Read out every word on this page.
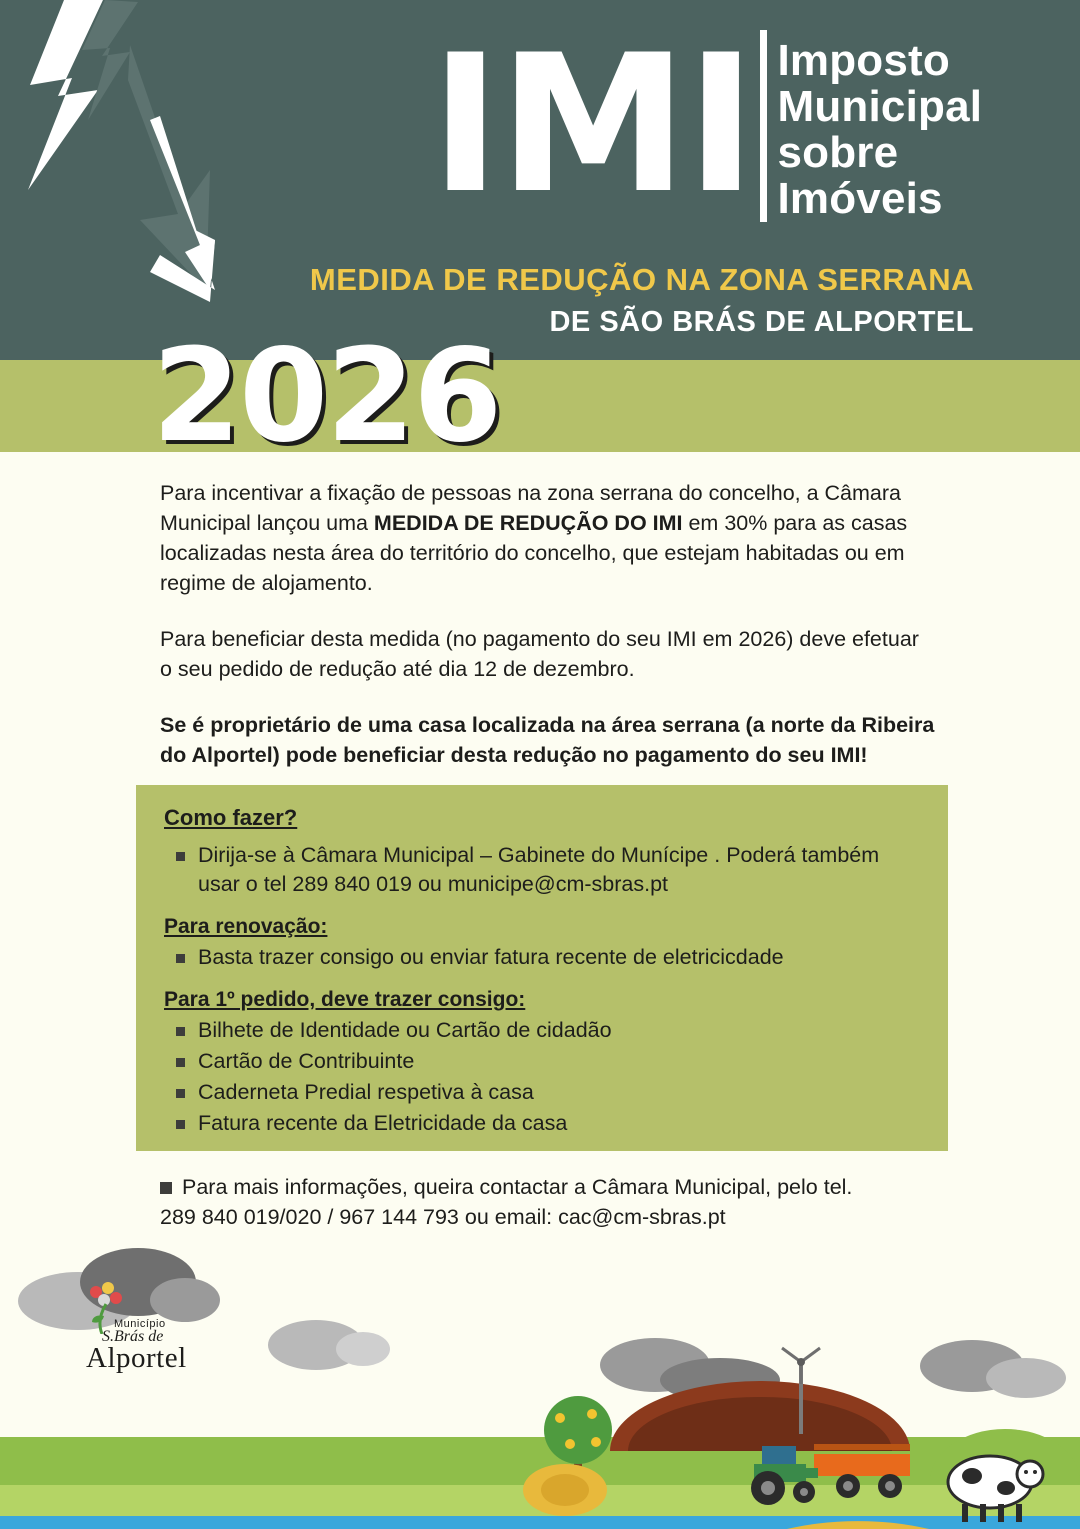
IMI Imposto
Municipal
sobre
Imóveis
MEDIDA DE REDUÇÃO NA ZONA SERRANA
DE SÃO BRÁS DE ALPORTEL
2026

Para incentivar a fixação de pessoas na zona serrana do concelho, a Câmara Municipal lançou uma MEDIDA DE REDUÇÃO DO IMI em 30% para as casas localizadas nesta área do território do concelho, que estejam habitadas ou em regime de alojamento.

Para beneficiar desta medida (no pagamento do seu IMI em 2026) deve efetuar o seu pedido de redução até dia 12 de dezembro.

Se é proprietário de uma casa localizada na área serrana (a norte da Ribeira do Alportel) pode beneficiar desta redução no pagamento do seu IMI!

Como fazer?
Dirija-se à Câmara Municipal – Gabinete do Munícipe . Poderá também usar o tel 289 840 019 ou municipe@cm-sbras.pt
Para renovação:
Basta trazer consigo ou enviar fatura recente de eletricicdade
Para 1º pedido, deve trazer consigo:
Bilhete de Identidade ou Cartão de cidadão
Cartão de Contribuinte
Caderneta Predial respetiva à casa
Fatura recente da Eletricidade da casa
Para mais informações, queira contactar a Câmara Municipal, pelo tel.
289 840 019/020 / 967 144 793 ou email: cac@cm-sbras.pt
Município
S.Brás de
Alportel
